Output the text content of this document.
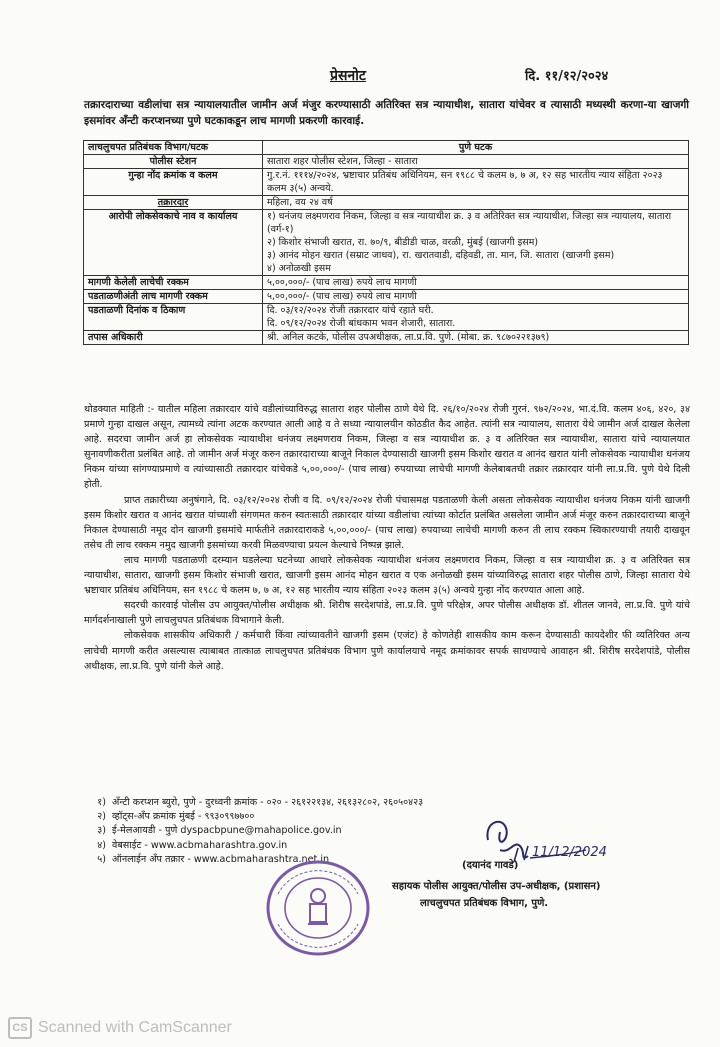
प्रेसनोट	दि. ११/१२/२०२४
तक्रारदाराच्या वडीलांचा सत्र न्यायालयातील जामीन अर्ज मंजुर करण्यासाठी अतिरिक्त सत्र न्यायाधीश, सातारा यांचेवर व त्यासाठी मध्यस्थी करणा-या खाजगी इसमांवर अँन्टी करप्शनच्या पुणे घटकाकडून लाच मागणी प्रकरणी कारवाई.
लाचलुचपत प्रतिबंधक विभाग/घटक	पुणे घटक
पोलीस स्टेशन	सातारा शहर पोलीस स्टेशन, जिल्हा - सातारा
गुन्हा नोंद क्रमांक व कलम	गु.र.नं. १११४/२०२४, भ्रष्टाचार प्रतिबंध अधिनियम, सन १९८८ चे कलम ७, ७ अ, १२ सह भारतीय न्याय संहिता २०२३ कलम ३(५) अन्वये.
तक्रारदार	महिला, वय २४ वर्ष
आरोपी लोकसेवकाचे नाव व कार्यालय	१) धनंजय लक्ष्मणराव निकम, जिल्हा व सत्र न्यायाधीश क्र. ३ व अतिरिक्त सत्र न्यायाधीश, जिल्हा सत्र न्यायालय, सातारा (वर्ग-१)
२) किशोर संभाजी खरात, रा. ७०/९, बीडीडी चाळ, वरळी, मुंबई (खाजगी इसम)
३) आनंद मोहन खरात (सम्राट जाधव), रा. खरातवाडी, दहिवडी, ता. मान, जि. सातारा (खाजगी इसम)
४) अनोळखी इसम

मागणी केलेली लाचेची रक्कम	५,००,०००/- (पाच लाख) रुपये लाच मागणी
पडताळणीअंती लाच मागणी रक्कम	५,००,०००/- (पाच लाख) रुपये लाच मागणी
पडताळणी दिनांक व ठिकाण	दि. ०३/१२/२०२४ रोजी तक्रारदार यांचे रहाते घरी.
दि. ०९/१२/२०२४ रोजी बांधकाम भवन शेजारी, सातारा.

तपास अधिकारी	श्री. अनिल कटके, पोलीस उपअधीक्षक, ला.प्र.वि. पुणे. (मोबा. क्र. ९८७०२२१३७९)

थोडक्यात माहिती :- यातील महिला तक्रारदार यांचे वडीलांच्याविरुद्ध सातारा शहर पोलीस ठाणे येथे दि. २६/१०/२०२४ रोजी गुरनं. ९७२/२०२४, भा.दं.वि. कलम ४०६, ४२०, ३४ प्रमाणे गुन्हा दाखल असून, त्यामध्ये त्यांना अटक करण्यात आली आहे व ते सध्या न्यायालयीन कोठडीत कैद आहेत. त्यांनी सत्र न्यायालय, सातारा येथे जामीन अर्ज दाखल केलेला आहे. सदरचा जामीन अर्ज हा लोकसेवक न्यायाधीश धनंजय लक्ष्मणराव निकम, जिल्हा व सत्र न्यायाधीश क्र. ३ व अतिरिक्त सत्र न्यायाधीश, सातारा यांचे न्यायालयात सुनावणीकरीता प्रलंबित आहे. तो जामीन अर्ज मंजूर करुन तक्रारदाराच्या बाजूने निकाल देण्यासाठी खाजगी इसम किशोर खरात व आनंद खरात यांनी लोकसेवक न्यायाधीश धनंजय निकम यांच्या सांगण्याप्रमाणे व त्यांच्यासाठी तक्रारदार यांचेकडे ५,००,०००/- (पाच लाख) रुपयाच्या लाचेची मागणी केलेबाबतची तक्रार तक्रारदार यांनी ला.प्र.वि. पुणे येथे दिली होती.

प्राप्त तक्रारीच्या अनुषंगाने, दि. ०३/१२/२०२४ रोजी व दि. ०९/१२/२०२४ रोजी पंचासमक्ष पडताळणी केली असता लोकसेवक न्यायाधीश धनंजय निकम यांनी खाजगी इसम किशोर खरात व आनंद खरात यांच्याशी संगणमत करुन स्वतःसाठी तक्रारदार यांच्या वडीलांचा त्यांच्या कोर्टात प्रलंबित असलेला जामीन अर्ज मंजूर करुन तक्रारदाराच्या बाजूने निकाल देण्यासाठी नमूद दोन खाजगी इसमांचे मार्फतीने तक्रारदाराकडे ५,००,०००/- (पाच लाख) रुपयाच्या लाचेची मागणी करुन ती लाच रक्कम स्विकारण्याची तयारी दाखवून तसेच ती लाच रक्कम नमुद खाजगी इसमांच्या करवी मिळवण्याचा प्रयत्न केल्याचे निष्पन्न झाले.

लाच मागणी पडताळणी दरम्यान घडलेल्या घटनेच्या आधारे लोकसेवक न्यायाधीश धनंजय लक्ष्मणराव निकम, जिल्हा व सत्र न्यायाधीश क्र. ३ व अतिरिक्त सत्र न्यायाधीश, सातारा, खाजगी इसम किशोर संभाजी खरात, खाजगी इसम आनंद मोहन खरात व एक अनोळखी इसम यांच्याविरुद्ध सातारा शहर पोलीस ठाणे, जिल्हा सातारा येथे भ्रष्टाचार प्रतिबंध अधिनियम, सन १९८८ चे कलम ७, ७ अ, १२ सह भारतीय न्याय संहिता २०२३ कलम ३(५) अन्वये गुन्हा नोंद करण्यात आला आहे.

सदरची कारवाई पोलीस उप आयुक्त/पोलीस अधीक्षक श्री. शिरीष सरदेशपांडे, ला.प्र.वि. पुणे परिक्षेत्र, अपर पोलीस अधीक्षक डॉ. शीतल जानवे, ला.प्र.वि. पुणे यांचे मार्गदर्शनाखाली पुणे लाचलुचपत प्रतिबंधक विभागाने केली.

लोकसेवक शासकीय अधिकारी / कर्मचारी किंवा त्यांच्यावतीने खाजगी इसम (एजंट) हे कोणतेही शासकीय काम करून देण्यासाठी कायदेशीर फी व्यतिरिक्त अन्य लाचेची मागणी करीत असल्यास त्याबाबत तात्काळ लाचलुचपत प्रतिबंधक विभाग पुणे कार्यालयाचे नमूद क्रमांकावर सपर्क साधण्याचे आवाहन श्री. शिरीष सरदेशपांडे, पोलीस अधीक्षक, ला.प्र.वि. पुणे यांनी केले आहे.

१) अँन्टी करप्शन ब्युरो, पुणे - दुरध्वनी क्रमांक - ०२० - २६१२२१३४, २६१३२८०२, २६०५०४२३
२) व्हॉट्स-अँप क्रमांक मुंबई - ९९३०९९७७००
३) ई-मेलआयडी - पुणे dyspacbpune@mahapolice.gov.in
४) वेबसाईट - www.acbmaharashtra.gov.in
५) ऑनलाईन अँप तक्रार - www.acbmaharashtra.net.in	11/12/2024
(दयानंद गावडे)
सहायक पोलीस आयुक्त/पोलीस उप-अधीक्षक, (प्रशासन)
लाचलुचपत प्रतिबंधक विभाग, पुणे.
CS Scanned with CamScanner
